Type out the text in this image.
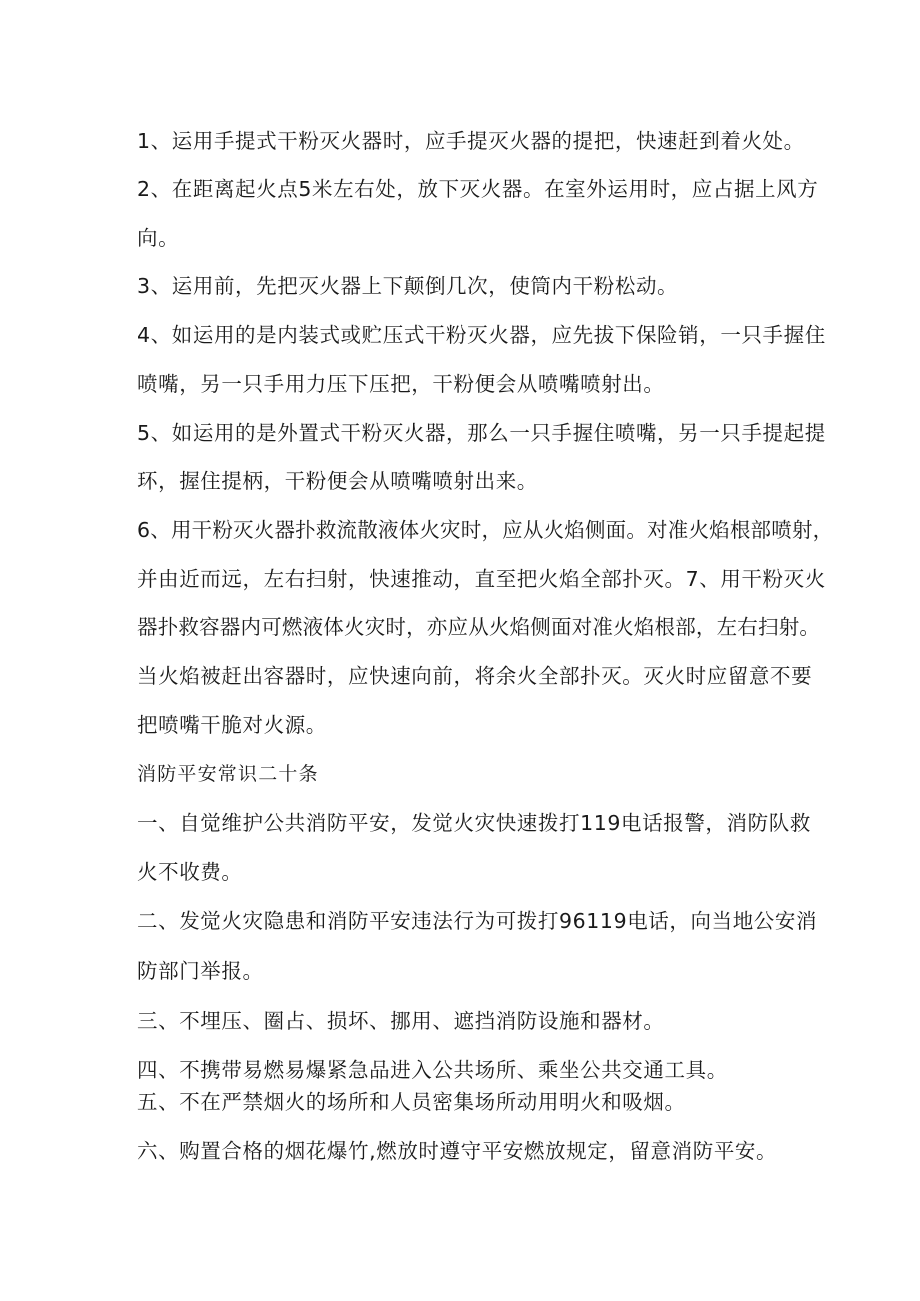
1、运用手提式干粉灭火器时，应手提灭火器的提把，快速赶到着火处。
2、在距离起火点5米左右处，放下灭火器。在室外运用时，应占据上风方
向。
3、运用前，先把灭火器上下颠倒几次，使筒内干粉松动。
4、如运用的是内装式或贮压式干粉灭火器，应先拔下保险销，一只手握住
喷嘴，另一只手用力压下压把，干粉便会从喷嘴喷射出。
5、如运用的是外置式干粉灭火器，那么一只手握住喷嘴，另一只手提起提
环，握住提柄，干粉便会从喷嘴喷射出来。
6、用干粉灭火器扑救流散液体火灾时，应从火焰侧面。对准火焰根部喷射，
并由近而远，左右扫射，快速推动，直至把火焰全部扑灭。7、用干粉灭火
器扑救容器内可燃液体火灾时，亦应从火焰侧面对准火焰根部，左右扫射。
当火焰被赶出容器时，应快速向前，将余火全部扑灭。灭火时应留意不要
把喷嘴干脆对火源。
消防平安常识二十条
一、自觉维护公共消防平安，发觉火灾快速拨打119电话报警，消防队救
火不收费。
二、发觉火灾隐患和消防平安违法行为可拨打96119电话，向当地公安消
防部门举报。
三、不埋压、圈占、损坏、挪用、遮挡消防设施和器材。
四、不携带易燃易爆紧急品进入公共场所、乘坐公共交通工具。
五、不在严禁烟火的场所和人员密集场所动用明火和吸烟。
六、购置合格的烟花爆竹,燃放时遵守平安燃放规定，留意消防平安。
